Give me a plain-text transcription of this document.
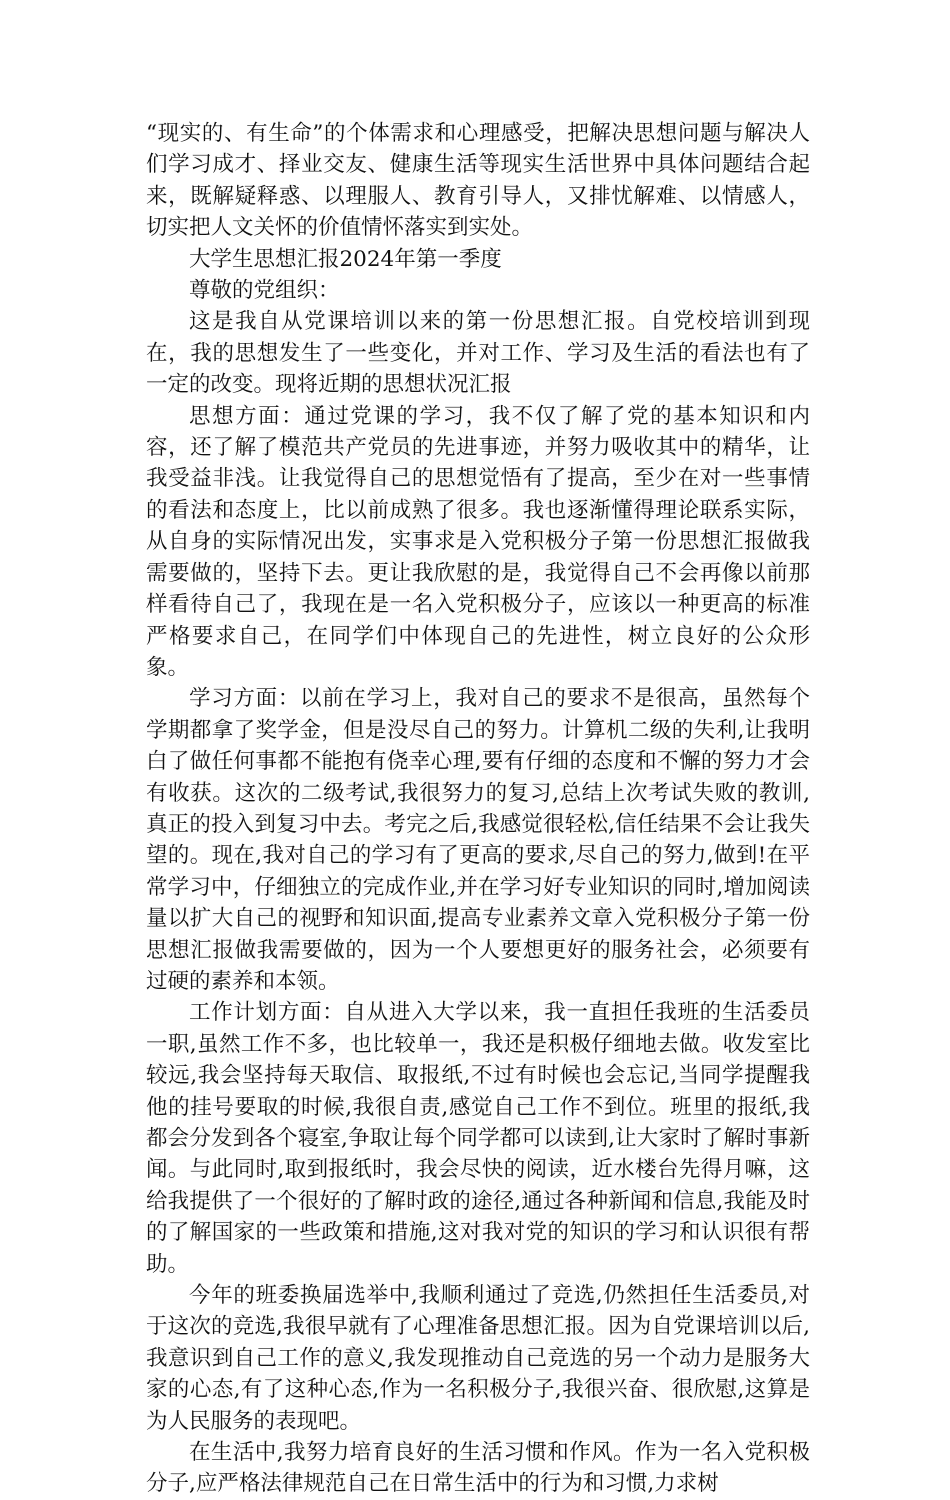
“现实的、有生命”的个体需求和心理感受，把解决思想问题与解决人们学习成才、择业交友、健康生活等现实生活世界中具体问题结合起来，既解疑释惑、以理服人、教育引导人，又排忧解难、以情感人，切实把人文关怀的价值情怀落实到实处。

大学生思想汇报2024年第一季度

尊敬的党组织：

这是我自从党课培训以来的第一份思想汇报。自党校培训到现在，我的思想发生了一些变化，并对工作、学习及生活的看法也有了一定的改变。现将近期的思想状况汇报

思想方面：通过党课的学习，我不仅了解了党的基本知识和内容，还了解了模范共产党员的先进事迹，并努力吸收其中的精华，让我受益非浅。让我觉得自己的思想觉悟有了提高，至少在对一些事情的看法和态度上，比以前成熟了很多。我也逐渐懂得理论联系实际，从自身的实际情况出发，实事求是入党积极分子第一份思想汇报做我需要做的，坚持下去。更让我欣慰的是，我觉得自己不会再像以前那样看待自己了，我现在是一名入党积极分子，应该以一种更高的标准严格要求自己，在同学们中体现自己的先进性，树立良好的公众形象。

学习方面：以前在学习上，我对自己的要求不是很高，虽然每个学期都拿了奖学金，但是没尽自己的努力。计算机二级的失利,让我明白了做任何事都不能抱有侥幸心理,要有仔细的态度和不懈的努力才会有收获。这次的二级考试,我很努力的复习,总结上次考试失败的教训,真正的投入到复习中去。考完之后,我感觉很轻松,信任结果不会让我失望的。现在,我对自己的学习有了更高的要求,尽自己的努力,做到!在平常学习中，仔细独立的完成作业,并在学习好专业知识的同时,增加阅读量以扩大自己的视野和知识面,提高专业素养文章入党积极分子第一份思想汇报做我需要做的，因为一个人要想更好的服务社会，必须要有过硬的素养和本领。

工作计划方面：自从进入大学以来，我一直担任我班的生活委员一职,虽然工作不多，也比较单一，我还是积极仔细地去做。收发室比较远,我会坚持每天取信、取报纸,不过有时候也会忘记,当同学提醒我他的挂号要取的时候,我很自责,感觉自己工作不到位。班里的报纸,我都会分发到各个寝室,争取让每个同学都可以读到,让大家时了解时事新闻。与此同时,取到报纸时，我会尽快的阅读，近水楼台先得月嘛，这给我提供了一个很好的了解时政的途径,通过各种新闻和信息,我能及时的了解国家的一些政策和措施,这对我对党的知识的学习和认识很有帮助。

今年的班委换届选举中,我顺利通过了竞选,仍然担任生活委员,对于这次的竞选,我很早就有了心理准备思想汇报。因为自党课培训以后,我意识到自己工作的意义,我发现推动自己竞选的另一个动力是服务大家的心态,有了这种心态,作为一名积极分子,我很兴奋、很欣慰,这算是为人民服务的表现吧。

在生活中,我努力培育良好的生活习惯和作风。作为一名入党积极分子,应严格法律规范自己在日常生活中的行为和习惯,力求树
